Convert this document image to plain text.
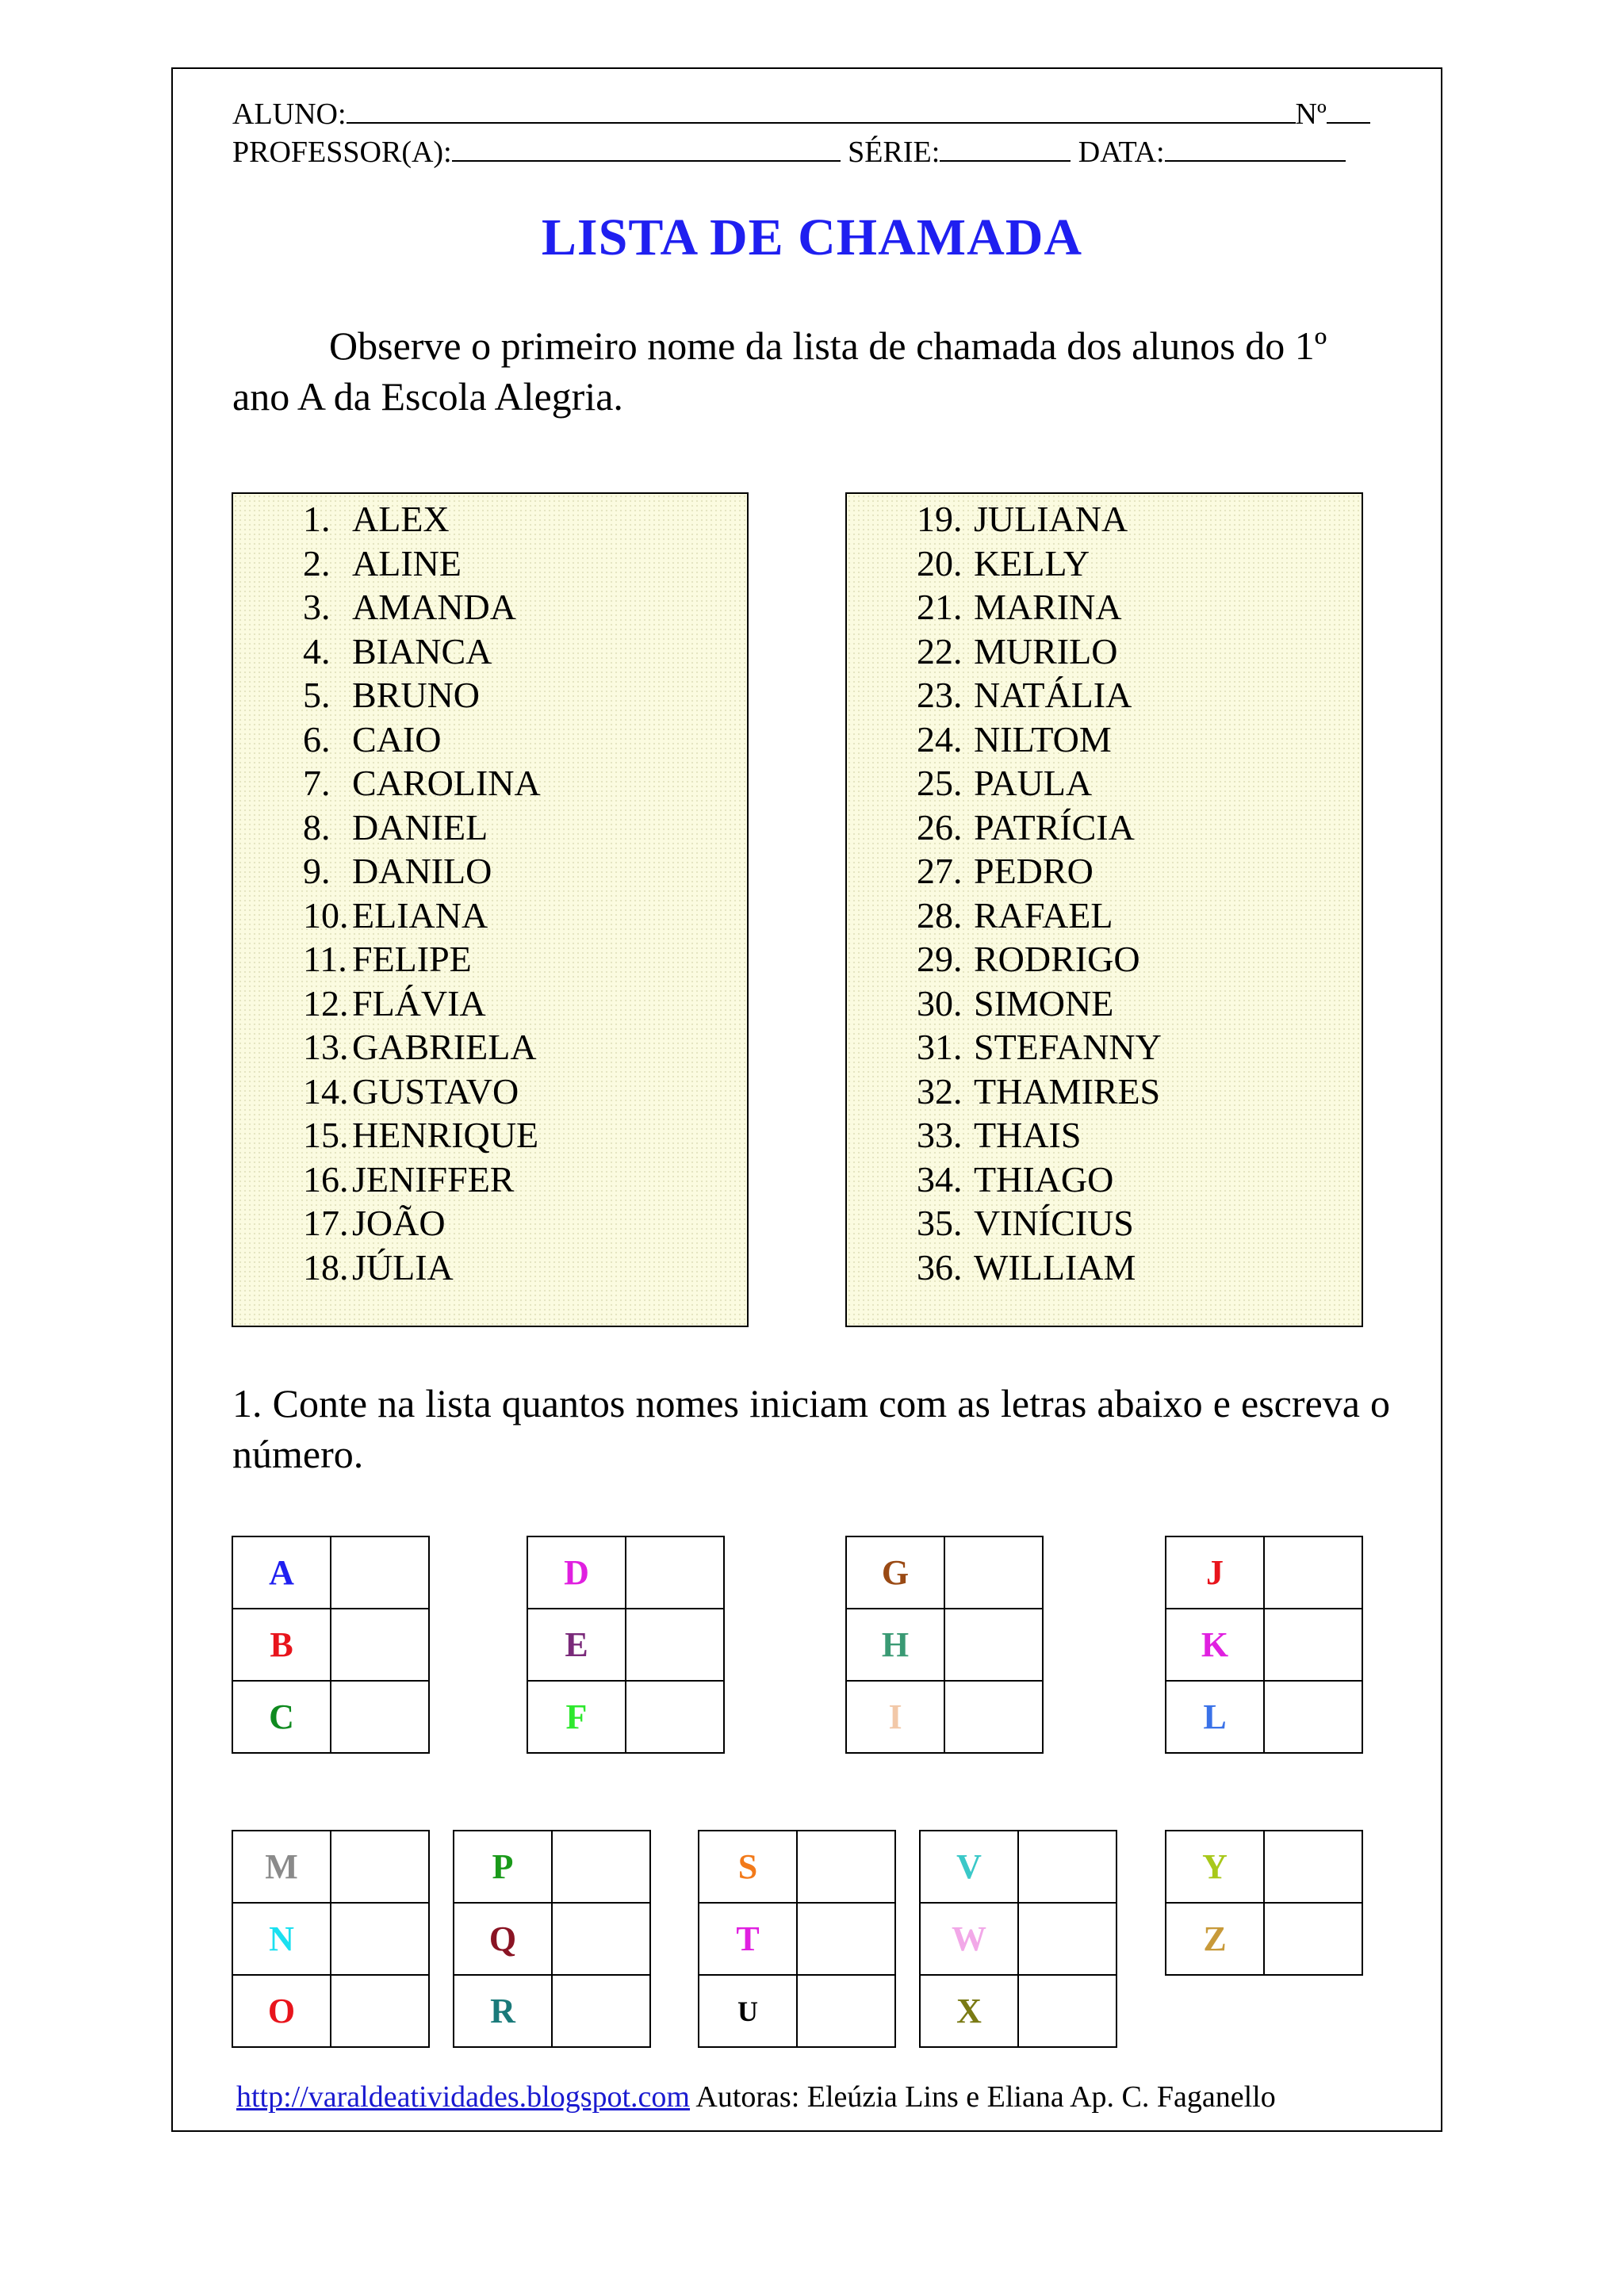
ALUNO:	Nº
PROFESSOR(A):	SÉRIE:	DATA:
LISTA DE CHAMADA
Observe o primeiro nome da lista de chamada dos alunos do 1º ano A da Escola Alegria.
1. ALEX
2. ALINE
3. AMANDA
4. BIANCA
5. BRUNO
6. CAIO
7. CAROLINA
8. DANIEL
9. DANILO
10.ELIANA
11. FELIPE
12.FLÁVIA
13.GABRIELA
14.GUSTAVO
15.HENRIQUE
16.JENIFFER
17.JOÃO
18.JÚLIA
19. JULIANA
20. KELLY
21. MARINA
22. MURILO
23. NATÁLIA
24. NILTOM
25. PAULA
26. PATRÍCIA
27. PEDRO
28. RAFAEL
29. RODRIGO
30. SIMONE
31. STEFANNY
32. THAMIRES
33. THAIS
34. THIAGO
35. VINÍCIUS
36. WILLIAM
1. Conte na lista quantos nomes iniciam com as letras abaixo e escreva o número.
A	
B	
C	
D	
E	
F	
G	
H	
I	
J	
K	
L	
M	
N	
O	
P	
Q	
R	
S	
T	
U	
V	
W	
X	
Y	
Z	
http://varaldeatividades.blogspot.com Autoras: Eleúzia Lins e Eliana Ap. C. Faganello
